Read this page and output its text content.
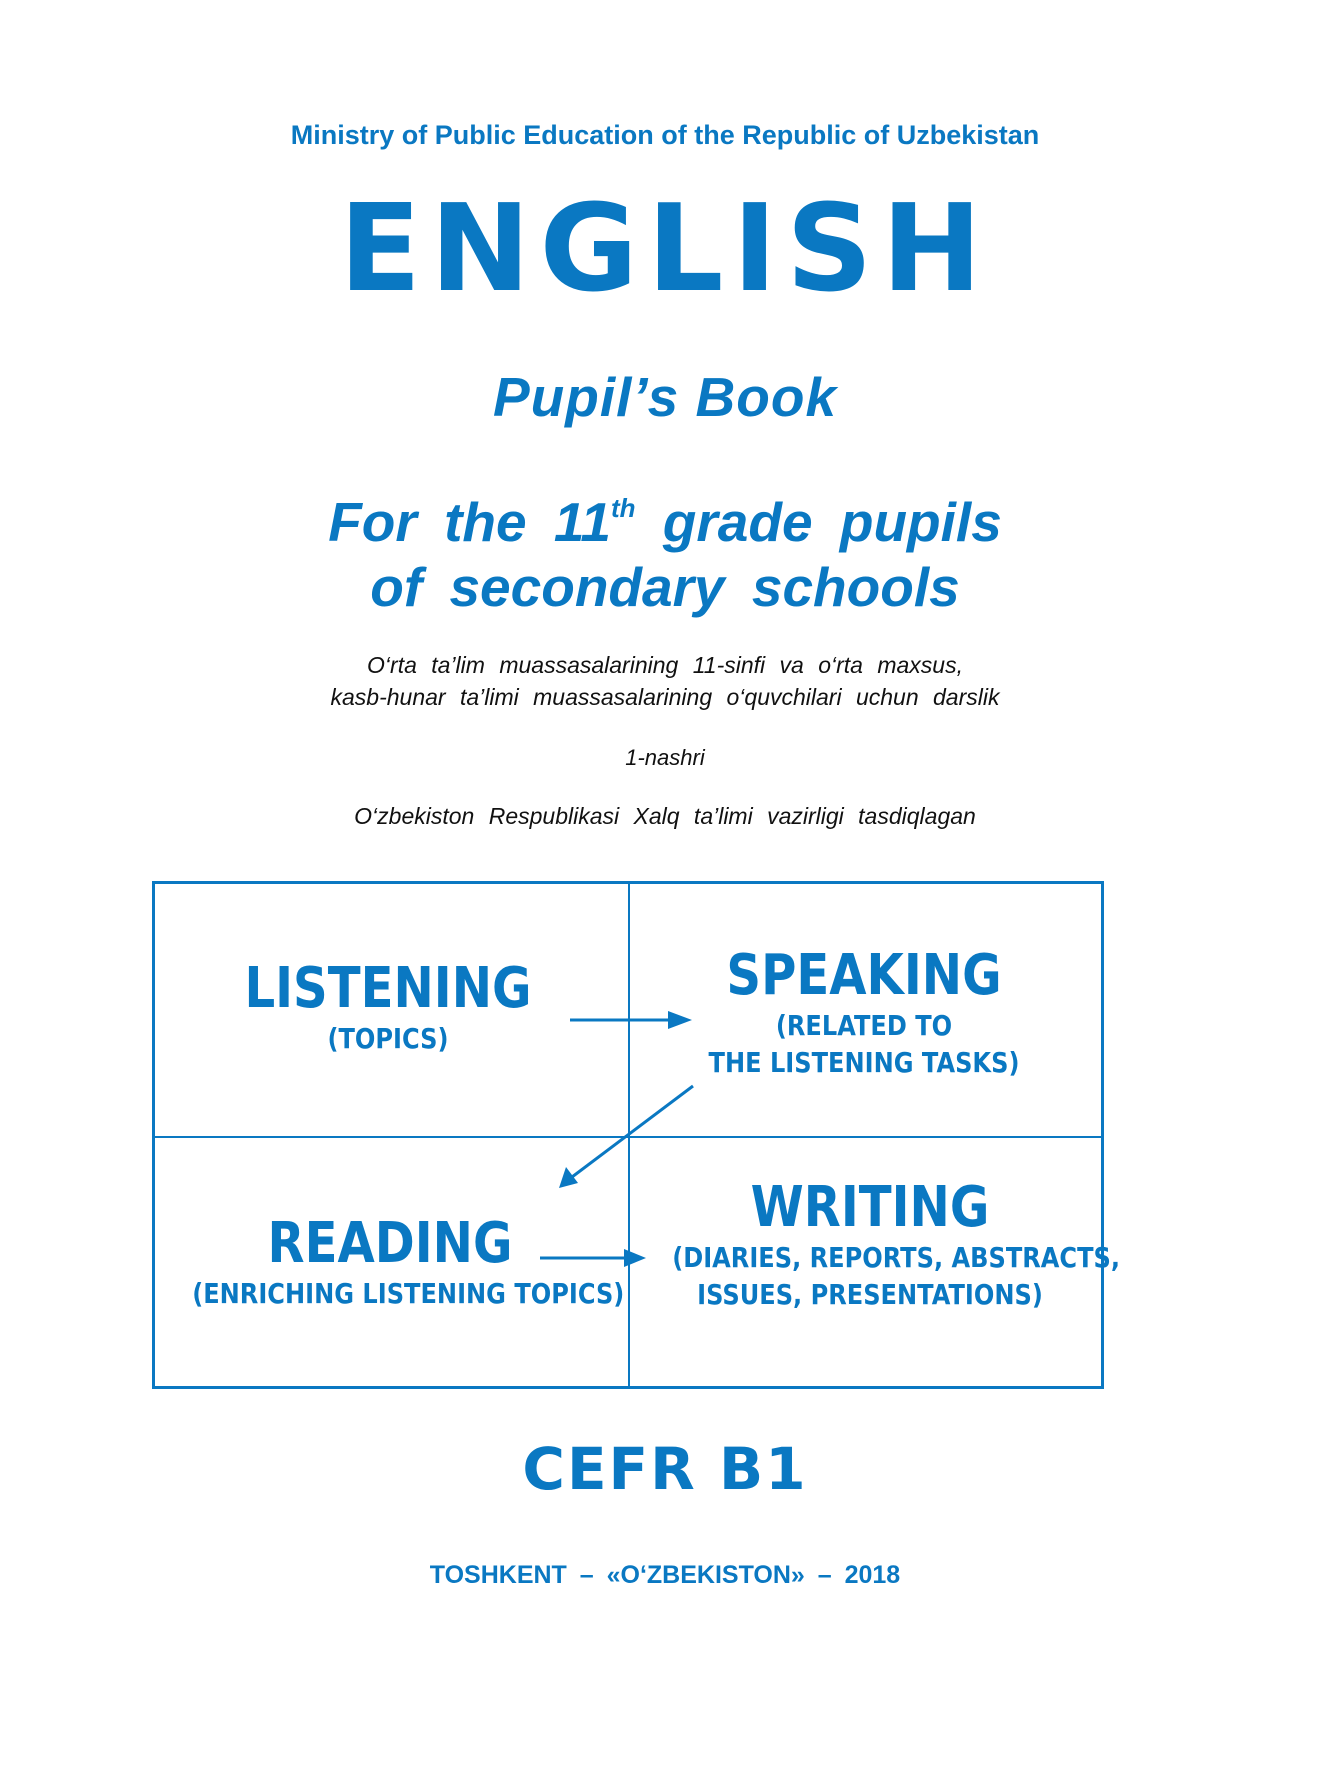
Ministry of Public Education of the Republic of Uzbekistan
ENGLISH
Pupil’s Book
For the 11th grade pupils
of secondary schools
O‘rta ta’lim muassasalarining 11-sinfi va o‘rta maxsus,
kasb-hunar ta’limi muassasalarining o‘quvchilari uchun darslik
1-nashri
O‘zbekiston Respublikasi Xalq ta’limi vazirligi tasdiqlagan
LISTENING
(TOPICS)
SPEAKING
(RELATED TO
THE LISTENING TASKS)
READING
(ENRICHING LISTENING TOPICS)
WRITING
(DIARIES, REPORTS, ABSTRACTS,
ISSUES, PRESENTATIONS)
CEFR B1
TOSHKENT – «O‘ZBEKISTON» – 2018
